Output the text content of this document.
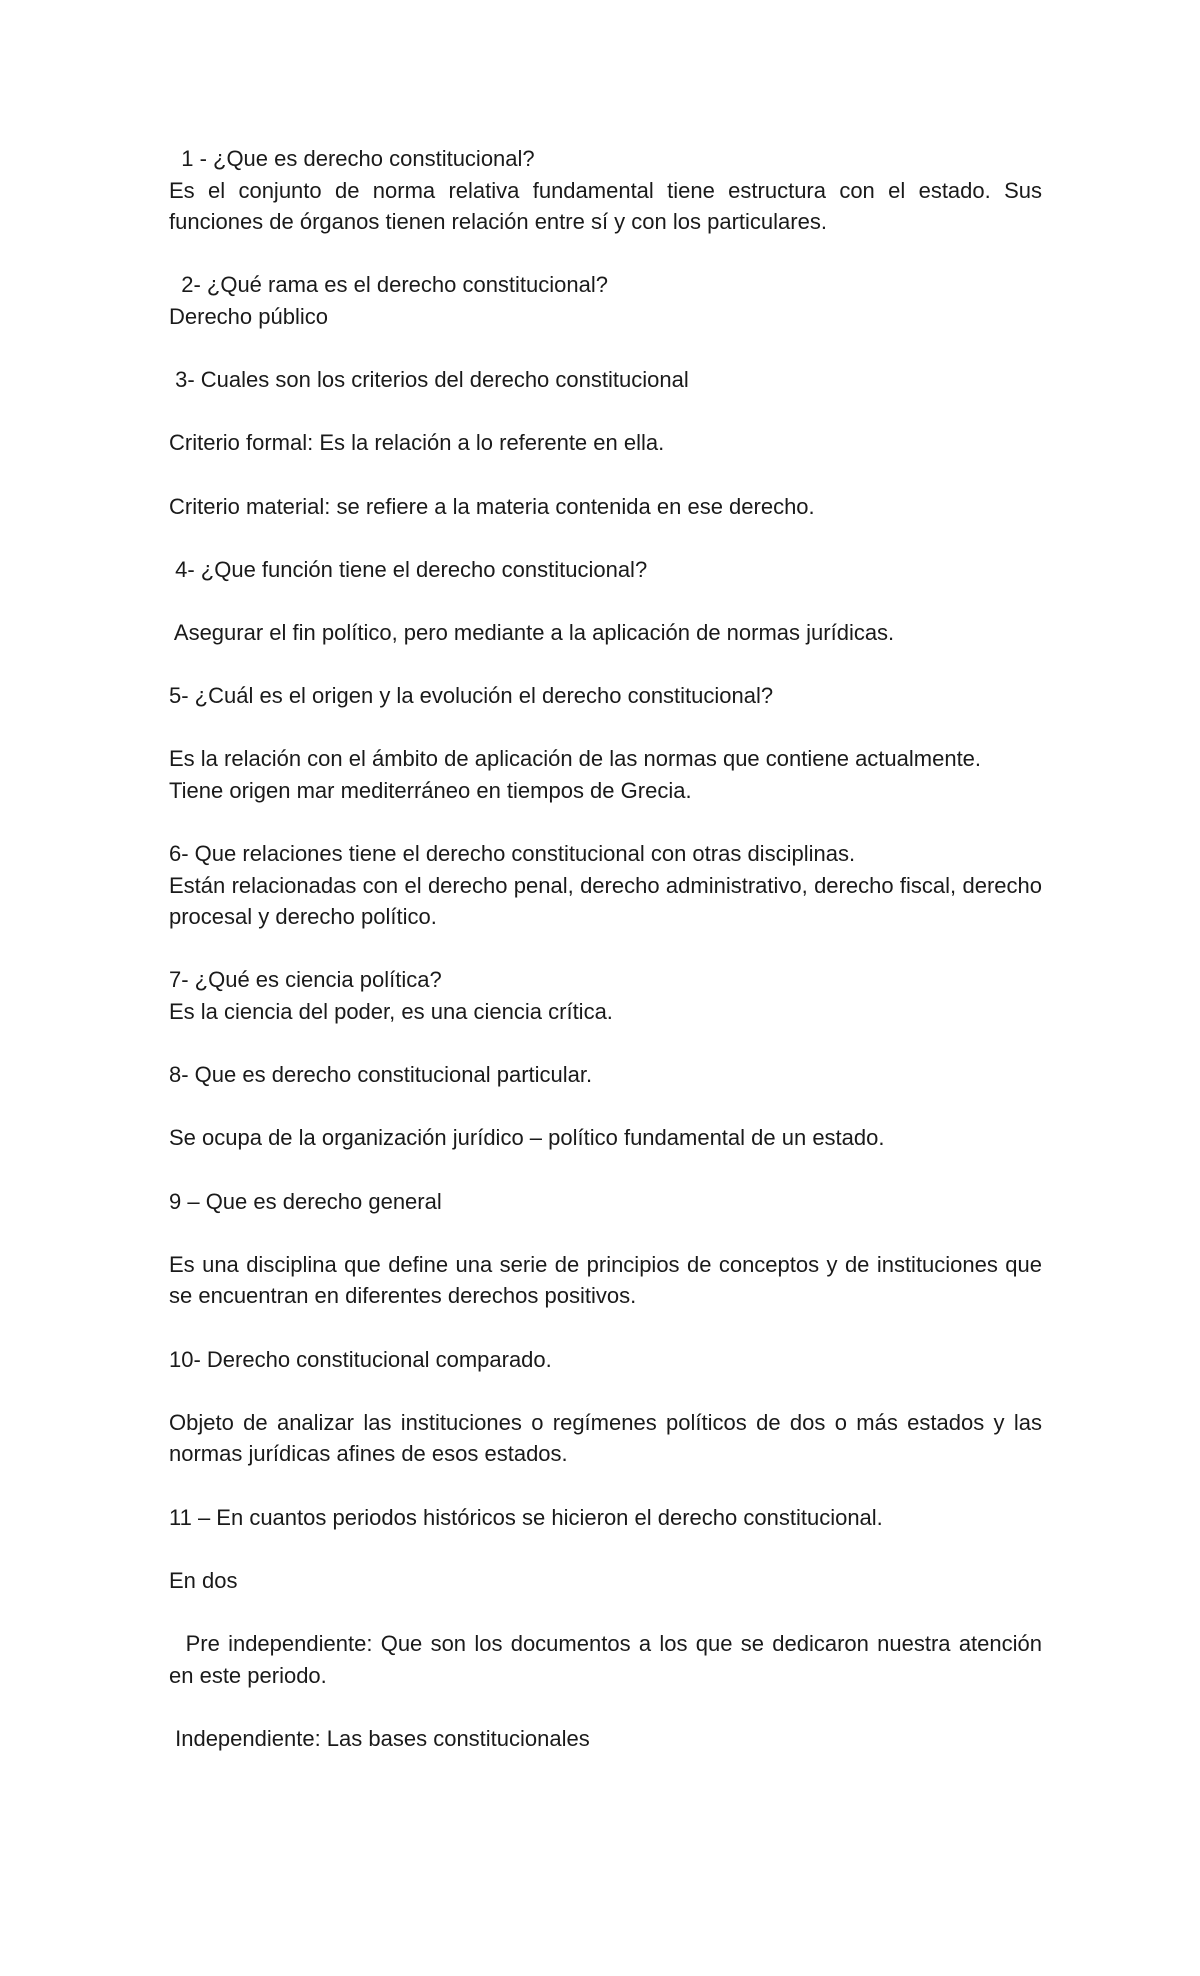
1 - ¿Que es derecho constitucional?
Es el conjunto de norma relativa fundamental tiene estructura con el estado. Sus funciones de órganos tienen relación entre sí y con los particulares.
2- ¿Qué rama es el derecho constitucional?
Derecho público
3- Cuales son los criterios del derecho constitucional
Criterio formal: Es la relación a lo referente en ella.
Criterio material: se refiere a la materia contenida en ese derecho.
4- ¿Que función tiene el derecho constitucional?
Asegurar el fin político, pero mediante a la aplicación de normas jurídicas.
5- ¿Cuál es el origen y la evolución el derecho constitucional?
Es la relación con el ámbito de aplicación de las normas que contiene actualmente.
Tiene origen mar mediterráneo en tiempos de Grecia.
6- Que relaciones tiene el derecho constitucional con otras disciplinas.
Están relacionadas con el derecho penal, derecho administrativo, derecho fiscal, derecho procesal y derecho político.
7- ¿Qué es ciencia política?
Es la ciencia del poder, es una ciencia crítica.
8- Que es derecho constitucional particular.
Se ocupa de la organización jurídico – político fundamental de un estado.
9 – Que es derecho general
Es una disciplina que define una serie de principios de conceptos y de instituciones que se encuentran en diferentes derechos positivos.
10- Derecho constitucional comparado.
Objeto de analizar las instituciones o regímenes políticos de dos o más estados y las normas jurídicas afines de esos estados.
11 – En cuantos periodos históricos se hicieron el derecho constitucional.
En dos
Pre independiente: Que son los documentos a los que se dedicaron nuestra atención en este periodo.
Independiente: Las bases constitucionales
